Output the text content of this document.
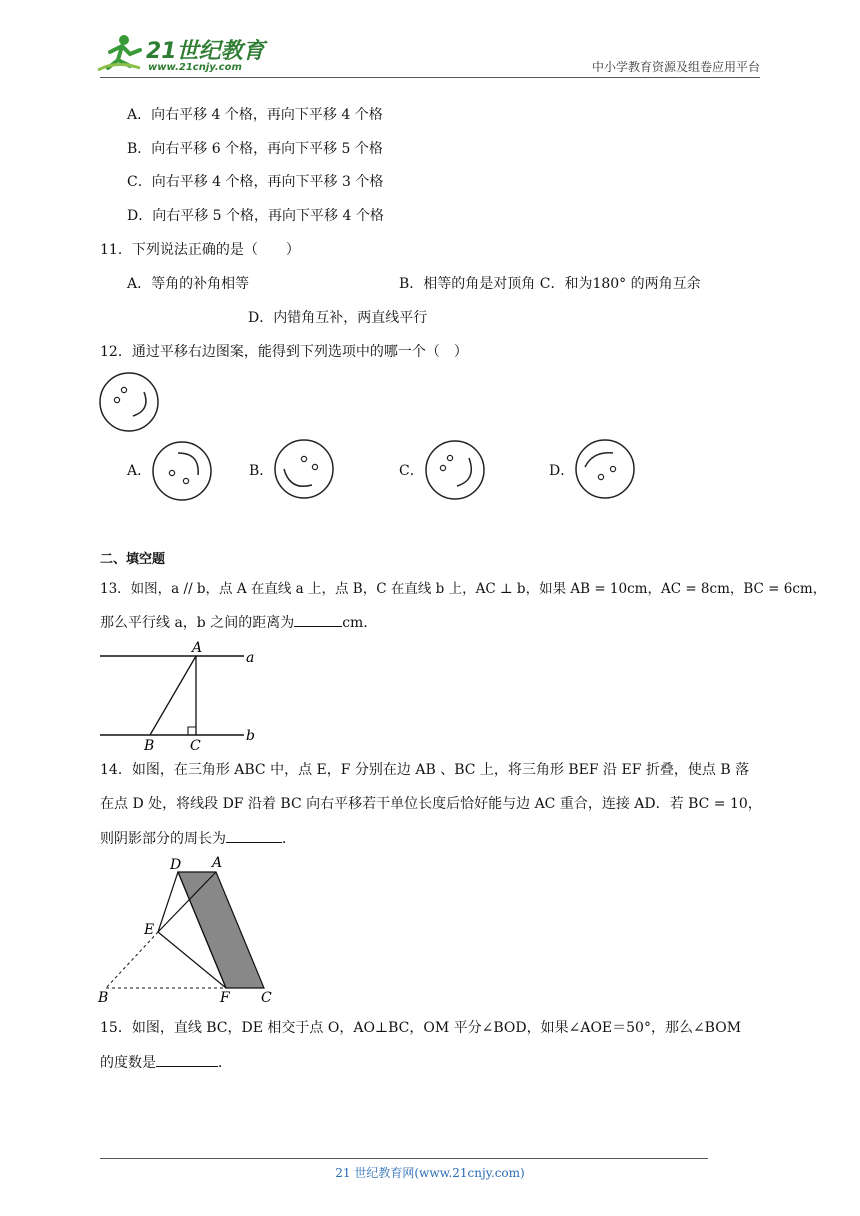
21世纪教育
www.21cnjy.com	中小学教育资源及组卷应用平台
A．向右平移 4 个格，再向下平移 4 个格
B．向右平移 6 个格，再向下平移 5 个格
C．向右平移 4 个格，再向下平移 3 个格
D．向右平移 5 个格，再向下平移 4 个格
11．下列说法正确的是（　　）
A．等角的补角相等	B．相等的角是对顶角 C．和为180° 的两角互余
D．内错角互补，两直线平行
12．通过平移右边图案，能得到下列选项中的哪一个（　）
A．	B．	C．	D．
二、填空题
13．如图，a // b，点 A 在直线 a 上，点 B，C 在直线 b 上，AC ⊥ b，如果 AB = 10cm，AC = 8cm，BC = 6cm，
那么平行线 a，b 之间的距离为	cm．
A
a
B	C
b
14．如图，在三角形 ABC 中，点 E，F 分别在边 AB 、BC 上，将三角形 BEF 沿 EF 折叠，使点 B 落
在点 D 处，将线段 DF 沿着 BC 向右平移若干单位长度后恰好能与边 AC 重合，连接 AD．若 BC = 10，
则阴影部分的周长为	．
D A
E
B	F C
15．如图，直线 BC，DE 相交于点 O，AO⊥BC，OM 平分∠BOD，如果∠AOE＝50°，那么∠BOM
的度数是	．
21 世纪教育网(www.21cnjy.com)
